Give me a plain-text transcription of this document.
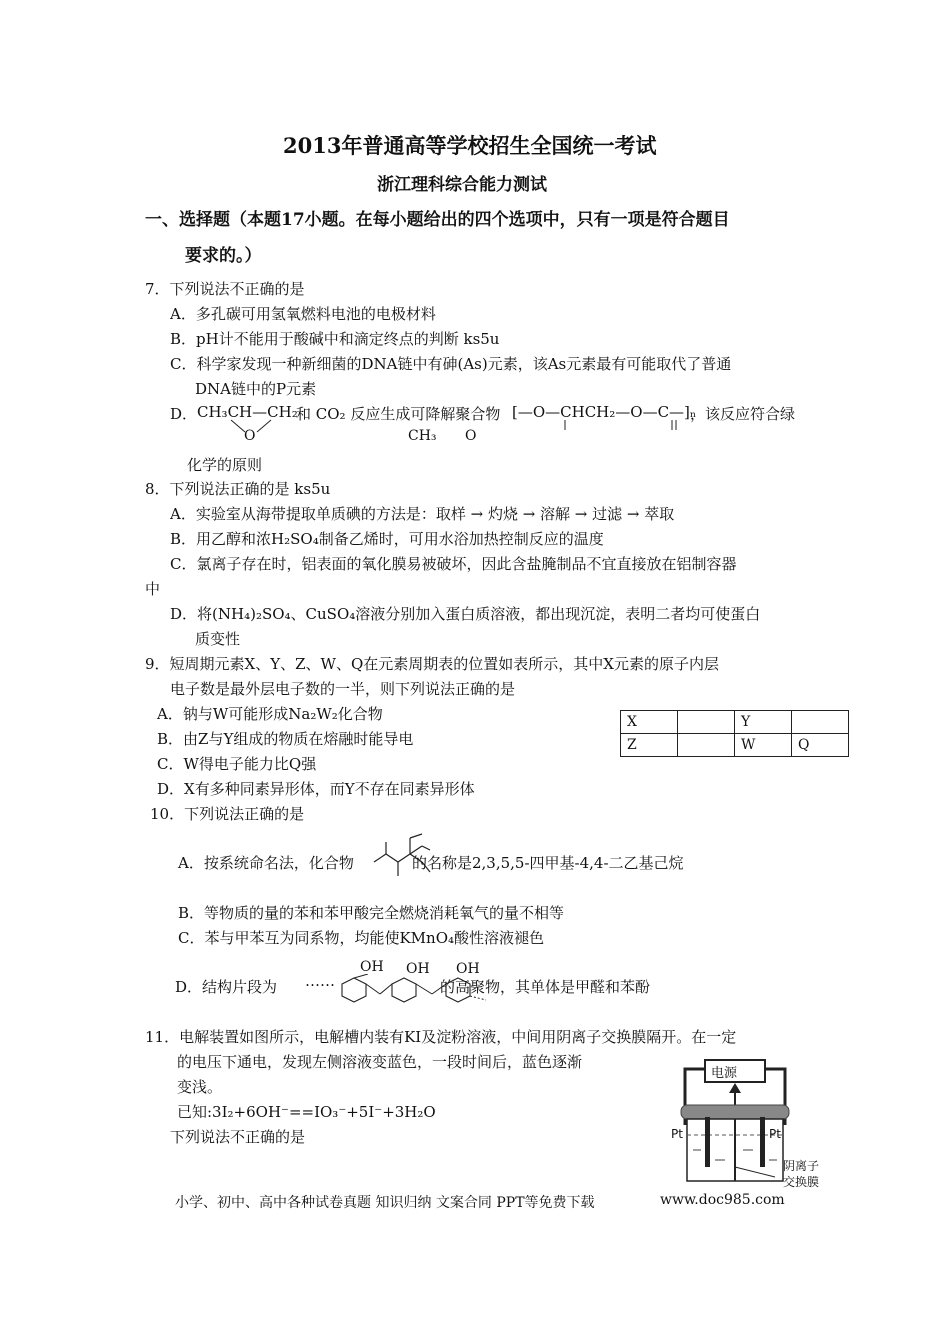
2013年普通高等学校招生全国统一考试
浙江理科综合能力测试
一、选择题（本题17小题。在每小题给出的四个选项中，只有一项是符合题目
要求的。）
7．下列说法不正确的是
A．多孔碳可用氢氧燃料电池的电极材料
B．pH计不能用于酸碱中和滴定终点的判断 ks5u
C．科学家发现一种新细菌的DNA链中有砷(As)元素，该As元素最有可能取代了普通
DNA链中的P元素
D． CH₃CH—CH₂
和 CO₂ 反应生成可降解聚合物 [—O—CHCH₂—O—C—]ₙ
，该反应符合绿
O	CH₃ O
化学的原则
8．下列说法正确的是 ks5u
A．实验室从海带提取单质碘的方法是：取样 → 灼烧 → 溶解 → 过滤 → 萃取
B．用乙醇和浓H₂SO₄制备乙烯时，可用水浴加热控制反应的温度
C．氯离子存在时，铝表面的氧化膜易被破坏，因此含盐腌制品不宜直接放在铝制容器
中
D．将(NH₄)₂SO₄、CuSO₄溶液分别加入蛋白质溶液，都出现沉淀，表明二者均可使蛋白
质变性
9．短周期元素X、Y、Z、W、Q在元素周期表的位置如表所示，其中X元素的原子内层
电子数是最外层电子数的一半，则下列说法正确的是
A．钠与W可能形成Na₂W₂化合物
B．由Z与Y组成的物质在熔融时能导电
C．W得电子能力比Q强
D．X有多种同素异形体，而Y不存在同素异形体
X		Y	
Z		W	Q
10．下列说法正确的是
A．按系统命名法，化合物	的名称是2,3,5,5-四甲基-4,4-二乙基己烷
B．等物质的量的苯和苯甲酸完全燃烧消耗氧气的量不相等
C．苯与甲苯互为同系物，均能使KMnO₄酸性溶液褪色
D．结构片段为 ……
OH OH OH
的高聚物，其单体是甲醛和苯酚
11．电解装置如图所示，电解槽内装有KI及淀粉溶液，中间用阴离子交换膜隔开。在一定
的电压下通电，发现左侧溶液变蓝色，一段时间后，蓝色逐渐
变浅。
已知:3I₂+6OH⁻==IO₃⁻+5I⁻+3H₂O
下列说法不正确的是
电源
Pt	Pt
阴离子
交换膜
小学、初中、高中各种试卷真题 知识归纳 文案合同 PPT等免费下载	www.doc985.com
